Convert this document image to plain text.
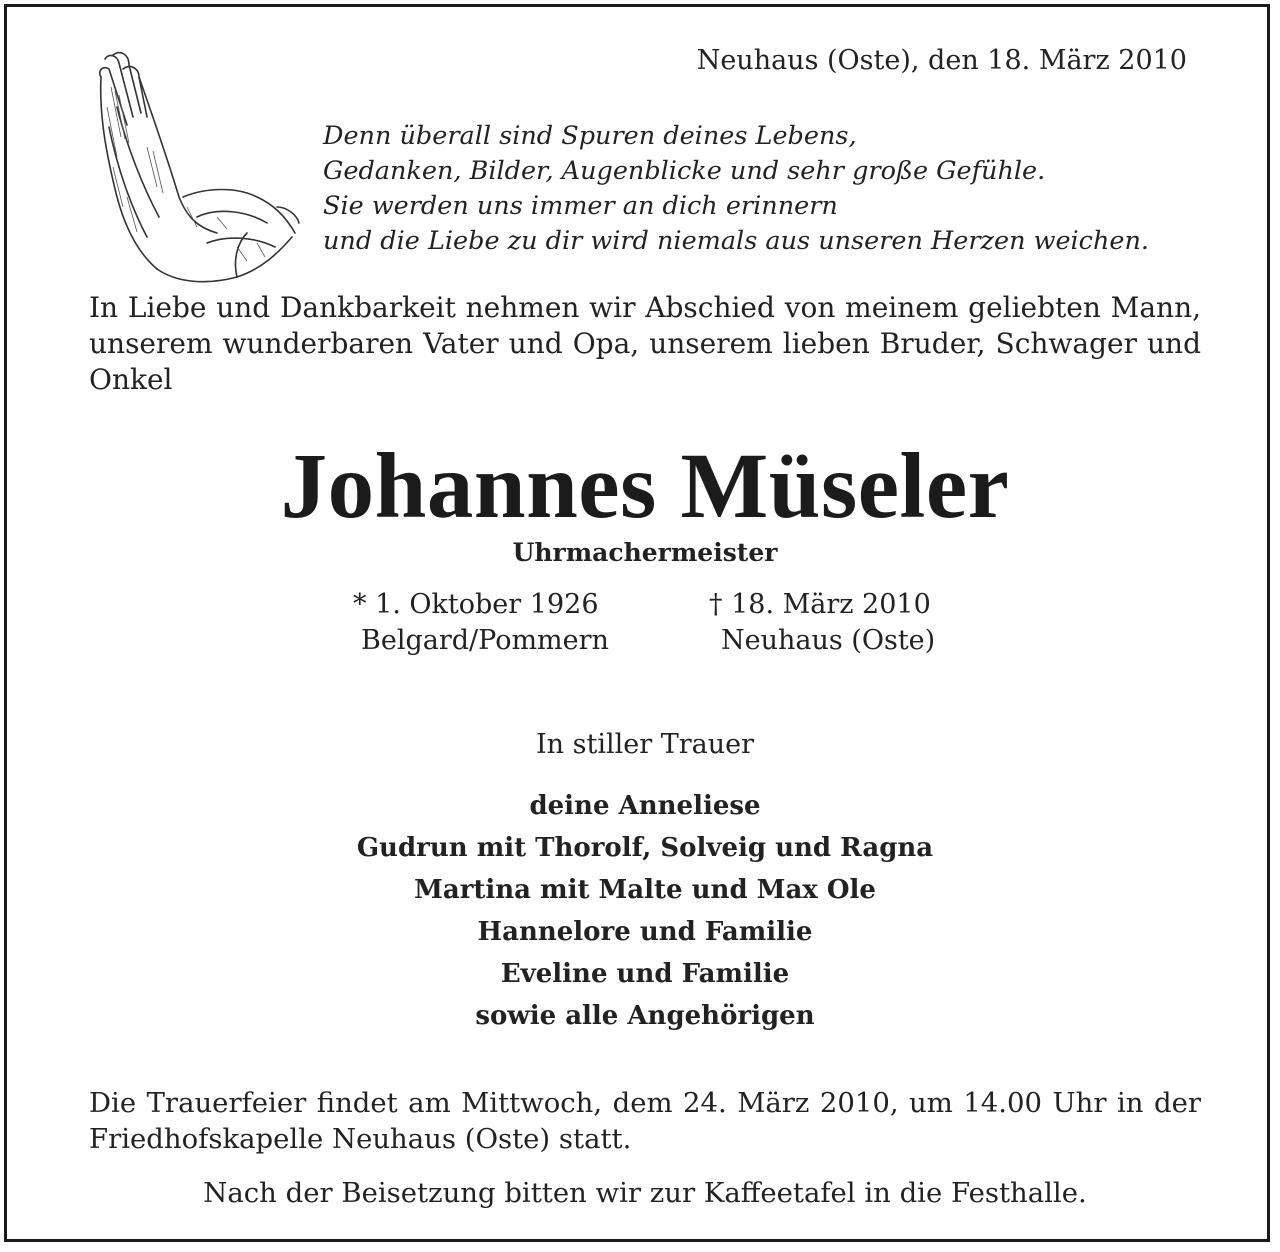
Neuhaus (Oste), den 18. März 2010
Denn überall sind Spuren deines Lebens,
Gedanken, Bilder, Augenblicke und sehr große Gefühle.
Sie werden uns immer an dich erinnern
und die Liebe zu dir wird niemals aus unseren Herzen weichen.
In Liebe und Dankbarkeit nehmen wir Abschied von meinem geliebten Mann, unserem wunderbaren Vater und Opa, unserem lieben Bruder, Schwager und Onkel
Johannes Müseler
Uhrmachermeister
* 1. Oktober 1926
Belgard/Pommern
† 18. März 2010
Neuhaus (Oste)
In stiller Trauer
deine Anneliese
Gudrun mit Thorolf, Solveig und Ragna
Martina mit Malte und Max Ole
Hannelore und Familie
Eveline und Familie
sowie alle Angehörigen
Die Trauerfeier findet am Mittwoch, dem 24. März 2010, um 14.00 Uhr in der Friedhofskapelle Neuhaus (Oste) statt.
Nach der Beisetzung bitten wir zur Kaffeetafel in die Festhalle.
